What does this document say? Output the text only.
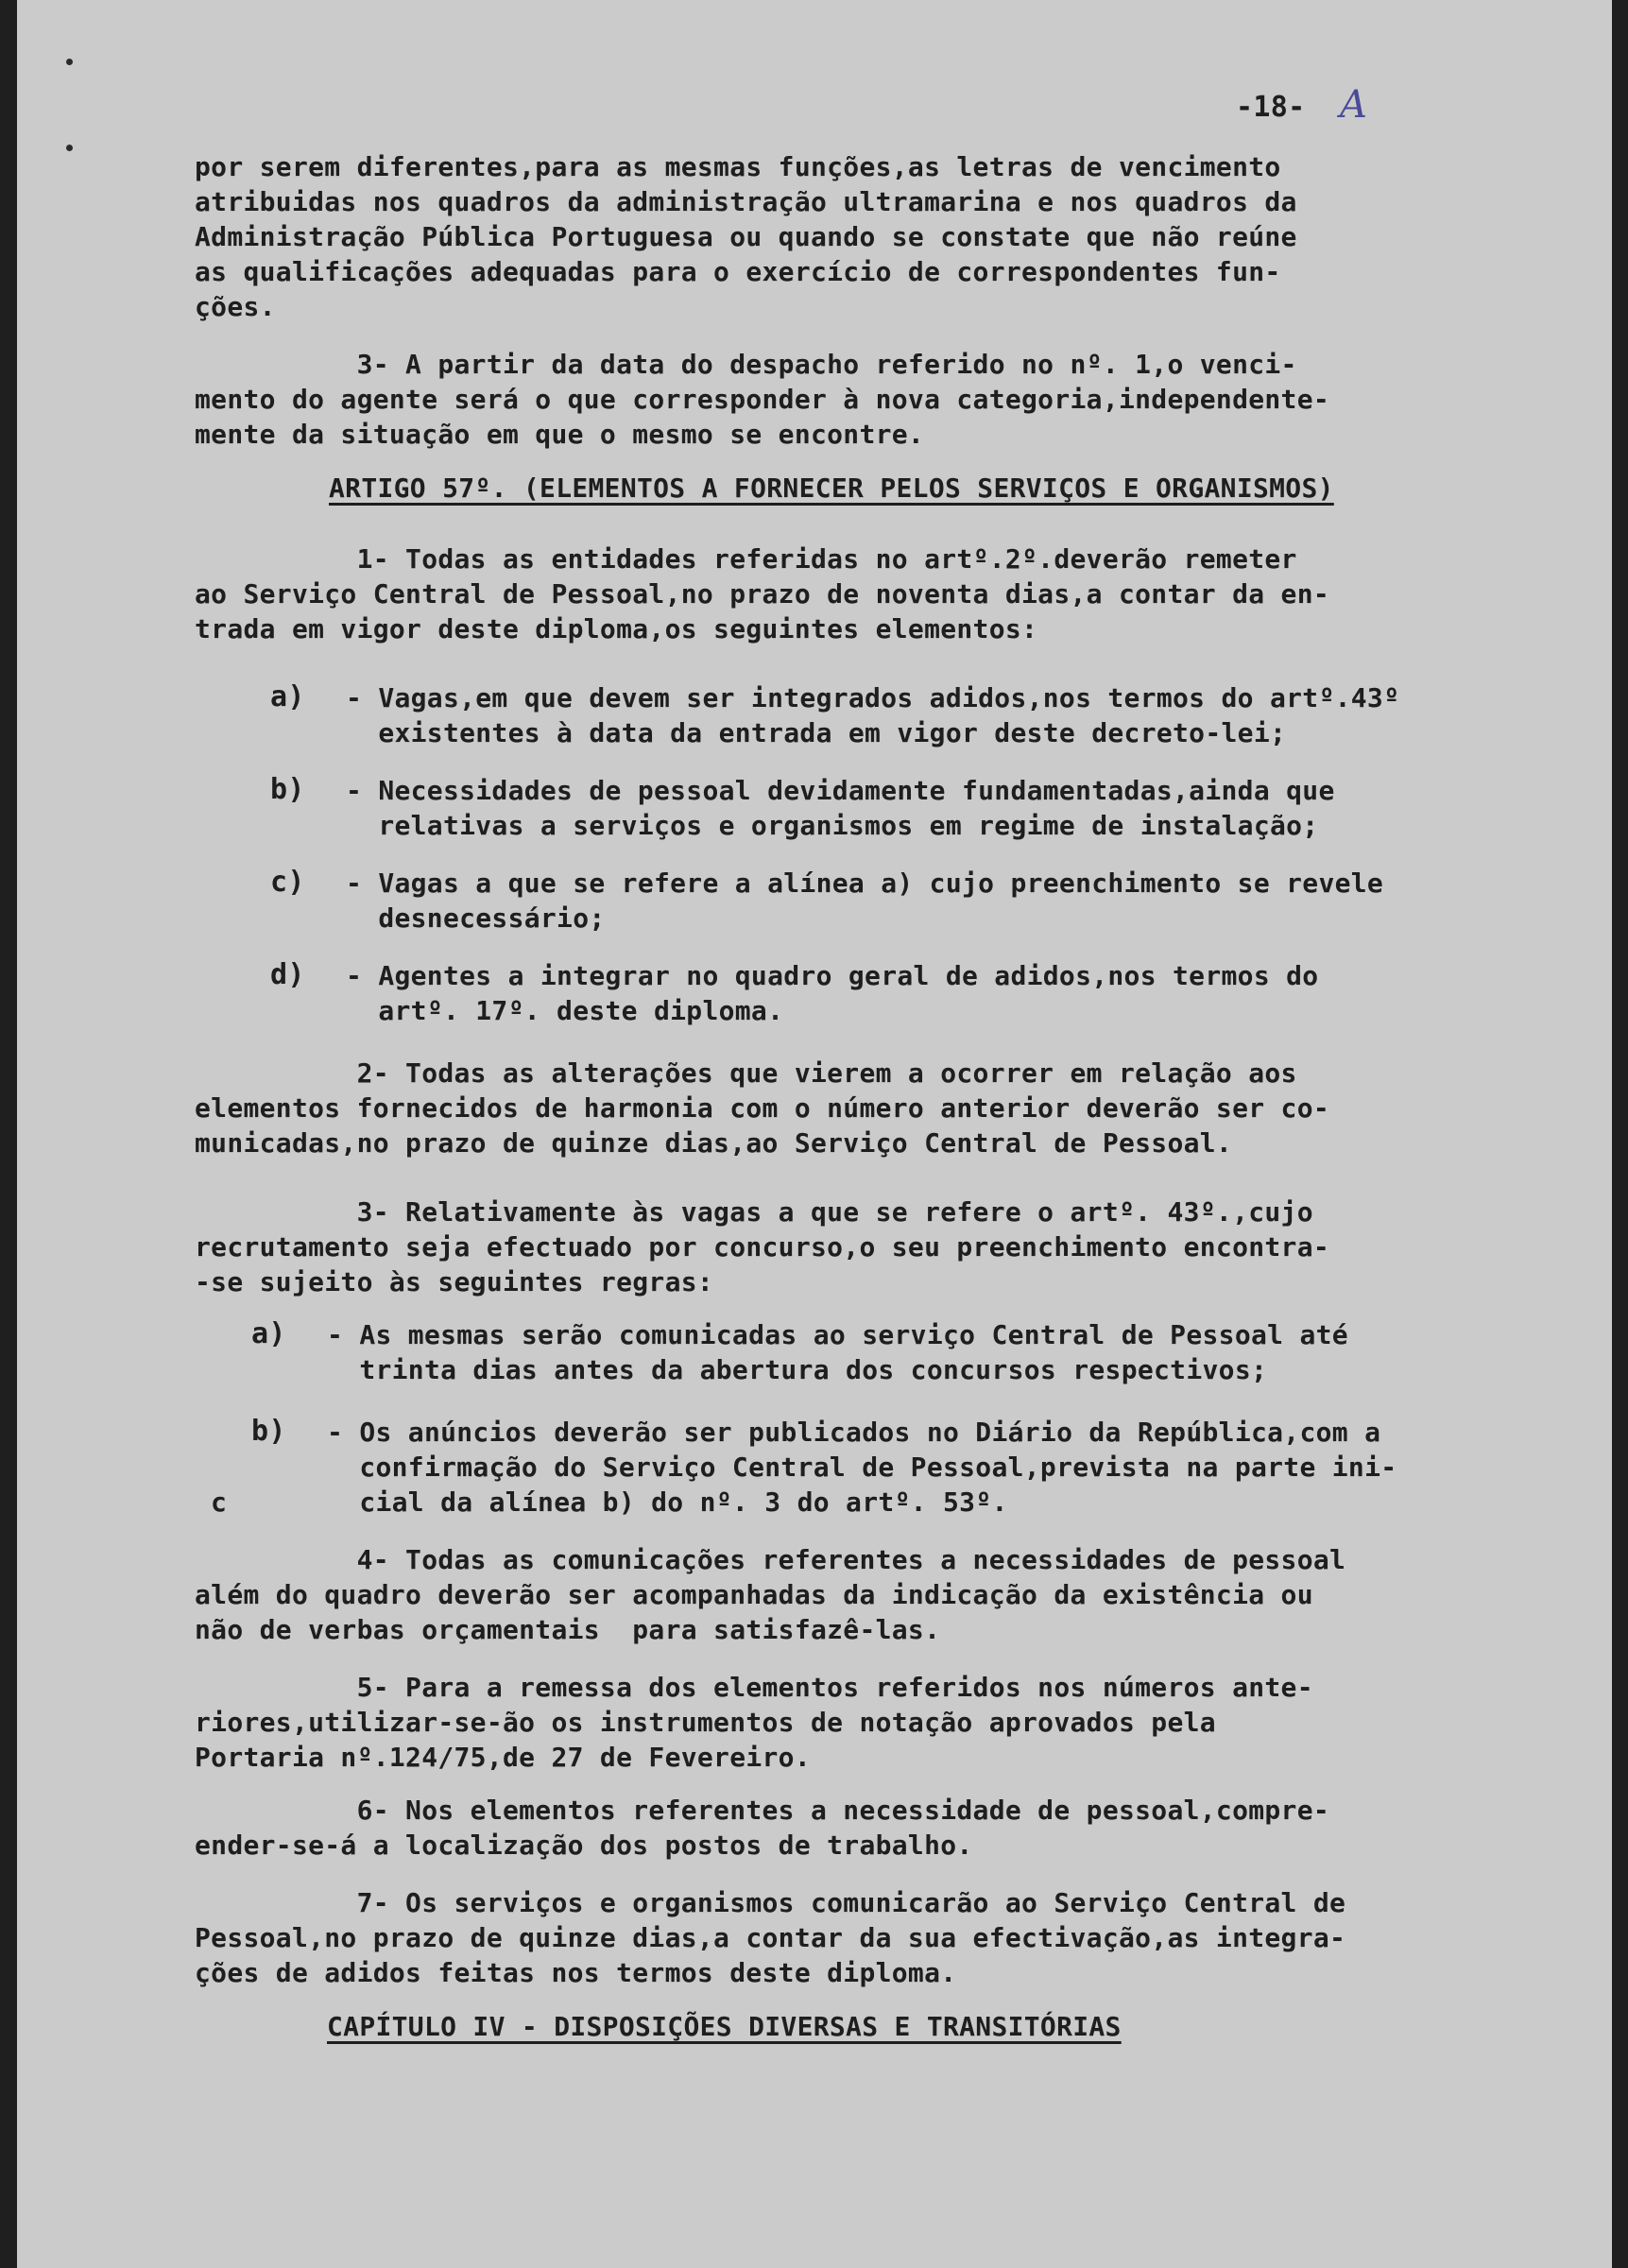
-18- A
por serem diferentes,para as mesmas funções,as letras de vencimento
atribuidas nos quadros da administração ultramarina e nos quadros da
Administração Pública Portuguesa ou quando se constate que não reúne
as qualificações adequadas para o exercício de correspondentes fun-
ções.
3- A partir da data do despacho referido no nº. 1,o venci-
mento do agente será o que corresponder à nova categoria,independente-
mente da situação em que o mesmo se encontre.
ARTIGO 57º. (ELEMENTOS A FORNECER PELOS SERVIÇOS E ORGANISMOS)
1- Todas as entidades referidas no artº.2º.deverão remeter
ao Serviço Central de Pessoal,no prazo de noventa dias,a contar da en-
trada em vigor deste diploma,os seguintes elementos:
a) - Vagas,em que devem ser integrados adidos,nos termos do artº.43º
existentes à data da entrada em vigor deste decreto-lei;
b) - Necessidades de pessoal devidamente fundamentadas,ainda que
relativas a serviços e organismos em regime de instalação;
c) - Vagas a que se refere a alínea a) cujo preenchimento se revele
desnecessário;
d) - Agentes a integrar no quadro geral de adidos,nos termos do
artº. 17º. deste diploma.
2- Todas as alterações que vierem a ocorrer em relação aos
elementos fornecidos de harmonia com o número anterior deverão ser co-
municadas,no prazo de quinze dias,ao Serviço Central de Pessoal.
3- Relativamente às vagas a que se refere o artº. 43º.,cujo
recrutamento seja efectuado por concurso,o seu preenchimento encontra-
-se sujeito às seguintes regras:
a) - As mesmas serão comunicadas ao serviço Central de Pessoal até
trinta dias antes da abertura dos concursos respectivos;
b) - Os anúncios deverão ser publicados no Diário da República,com a
confirmação do Serviço Central de Pessoal,prevista na parte ini-
cial da alínea b) do nº. 3 do artº. 53º.
c
4- Todas as comunicações referentes a necessidades de pessoal
além do quadro deverão ser acompanhadas da indicação da existência ou
não de verbas orçamentais  para satisfazê-las.
5- Para a remessa dos elementos referidos nos números ante-
riores,utilizar-se-ão os instrumentos de notação aprovados pela
Portaria nº.124/75,de 27 de Fevereiro.
6- Nos elementos referentes a necessidade de pessoal,compre-
ender-se-á a localização dos postos de trabalho.
7- Os serviços e organismos comunicarão ao Serviço Central de
Pessoal,no prazo de quinze dias,a contar da sua efectivação,as integra-
ções de adidos feitas nos termos deste diploma.
CAPÍTULO IV - DISPOSIÇÕES DIVERSAS E TRANSITÓRIAS
